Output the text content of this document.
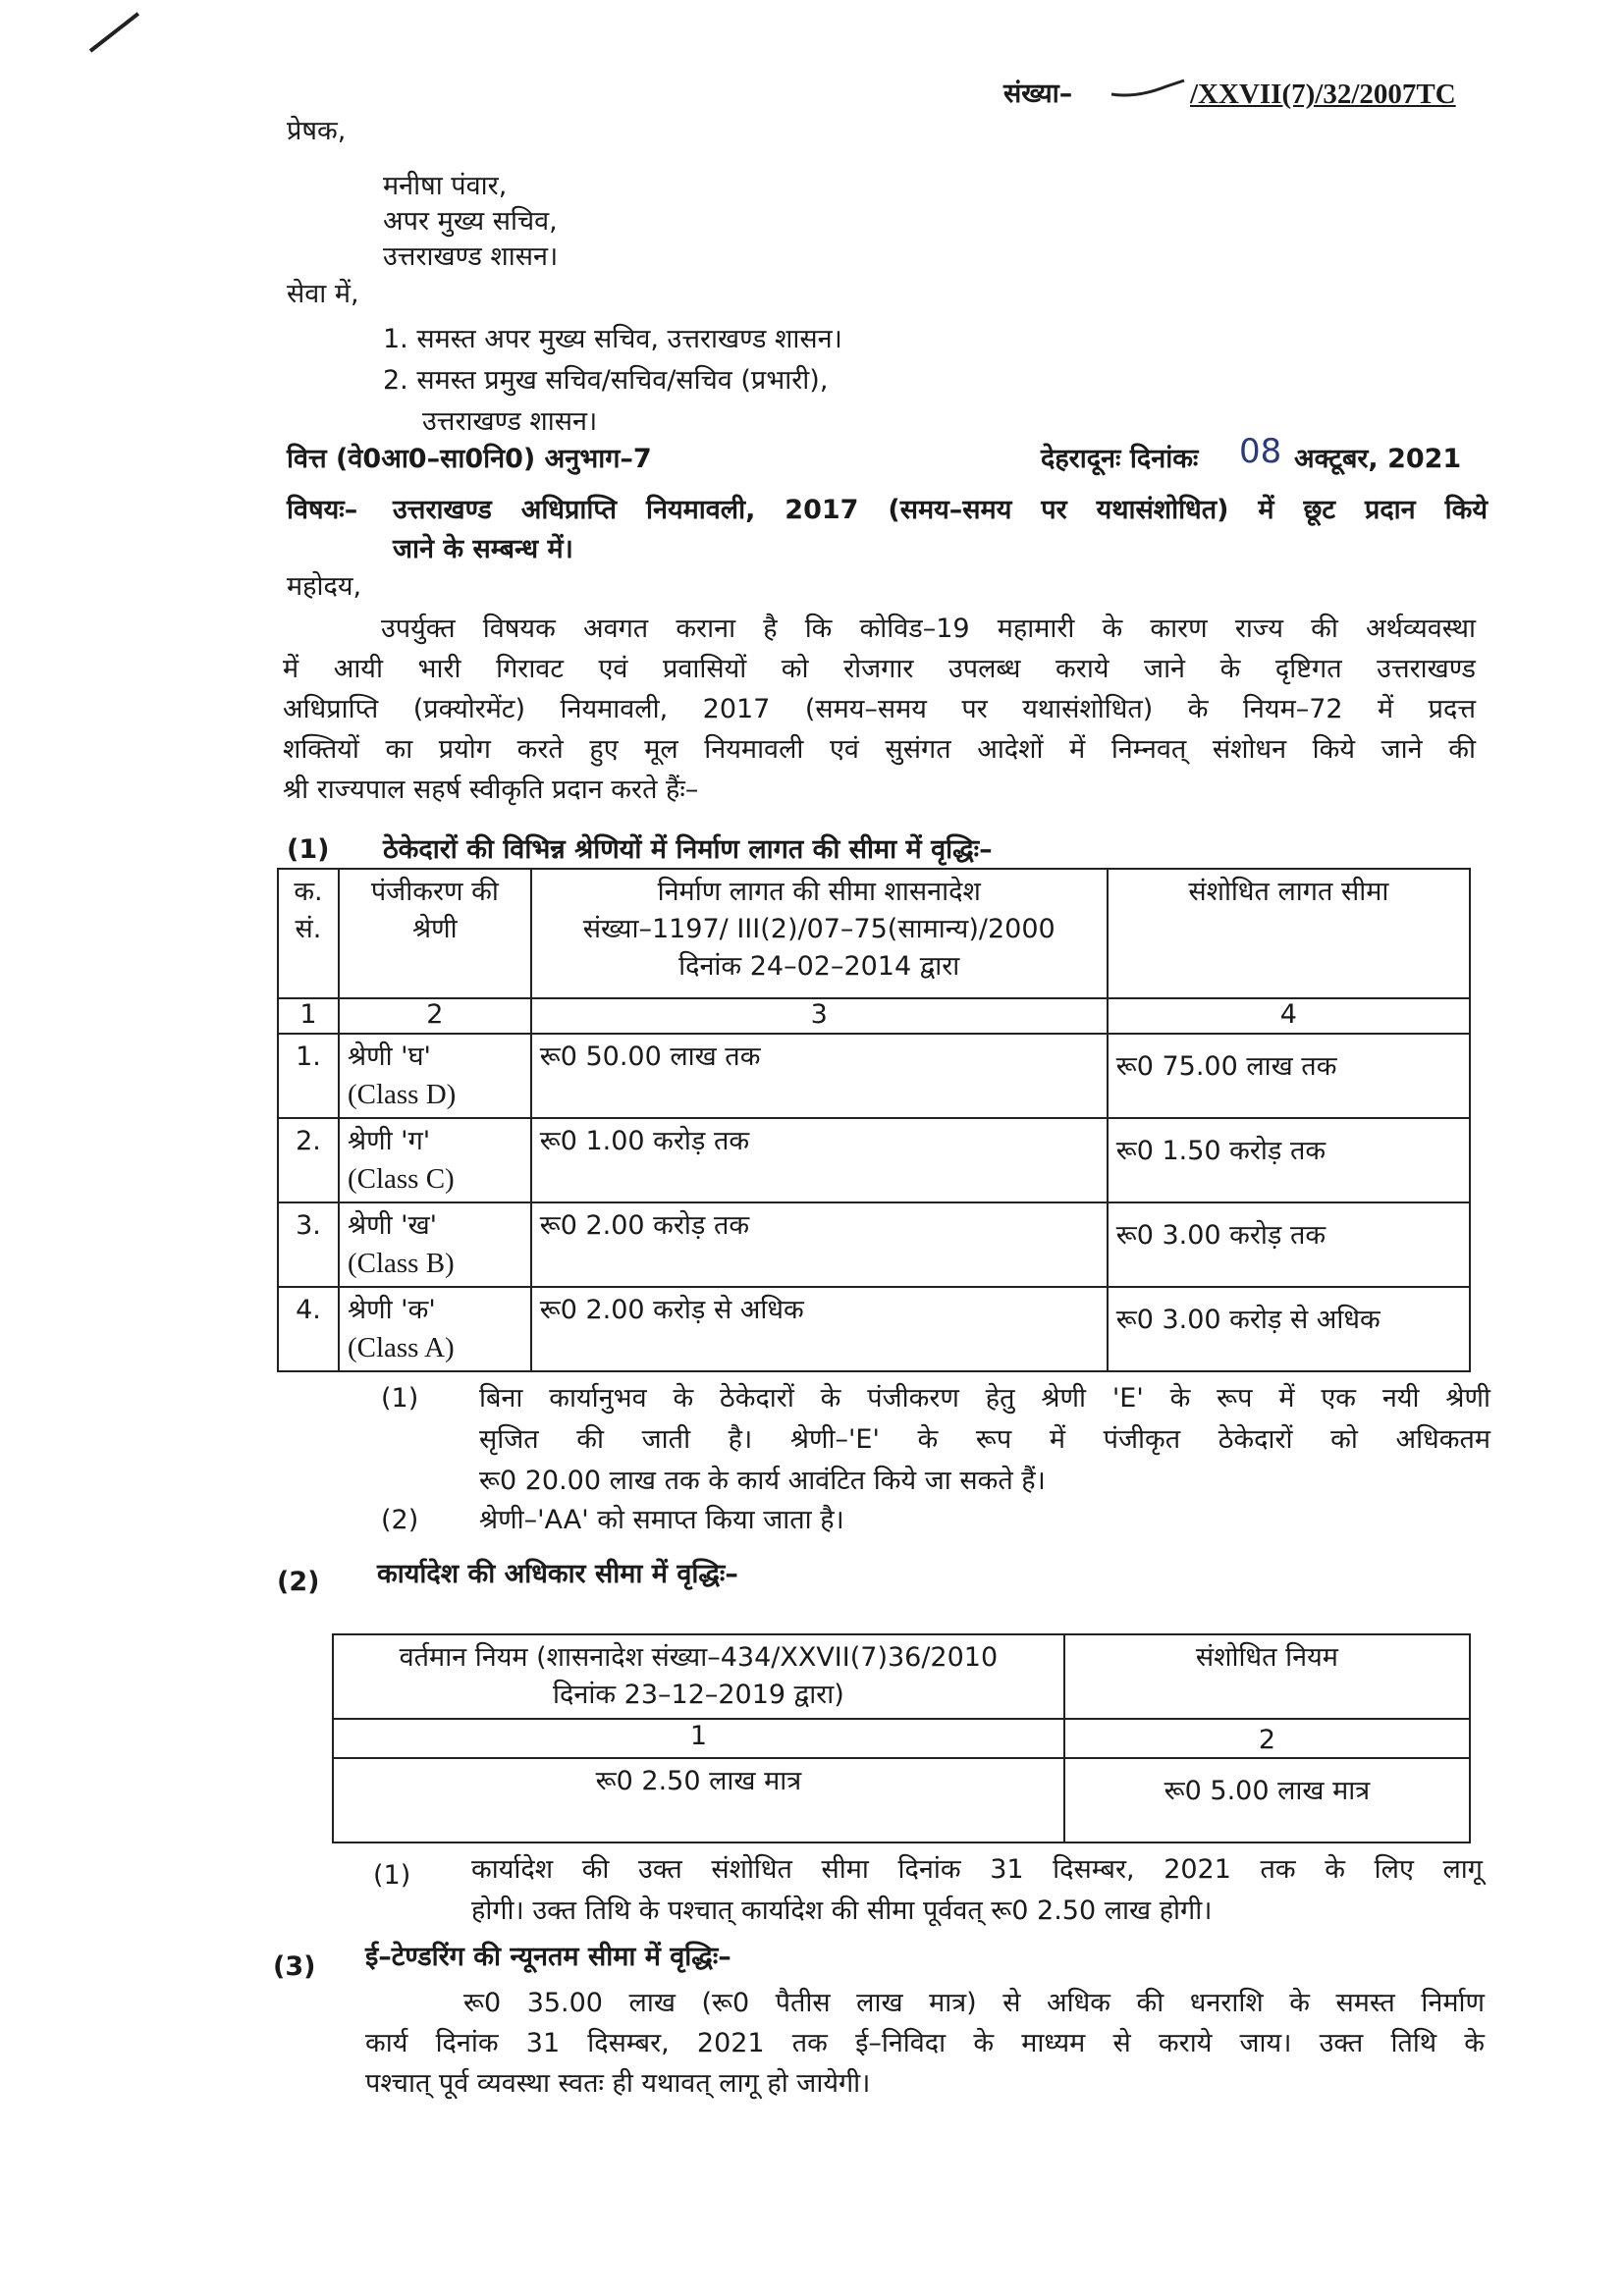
संख्या–	/XXVII(7)/32/2007TC
प्रेषक,
मनीषा पंवार,
अपर मुख्य सचिव,
उत्तराखण्ड शासन।
सेवा में,
1. समस्त अपर मुख्य सचिव, उत्तराखण्ड शासन।
2. समस्त प्रमुख सचिव/सचिव/सचिव (प्रभारी),
उत्तराखण्ड शासन।
वित्त (वे0आ0–सा0नि0) अनुभाग–7	देहरादूनः दिनांकः 08 अक्टूबर, 2021
विषयः– उत्तराखण्ड अधिप्राप्ति नियमावली, 2017 (समय–समय पर यथासंशोधित) में छूट प्रदान किये
जाने के सम्बन्ध में।
महोदय,
उपर्युक्त विषयक अवगत कराना है कि कोविड–19 महामारी के कारण राज्य की अर्थव्यवस्था
में आयी भारी गिरावट एवं प्रवासियों को रोजगार उपलब्ध कराये जाने के दृष्टिगत उत्तराखण्ड
अधिप्राप्ति (प्रक्योरमेंट) नियमावली, 2017 (समय–समय पर यथासंशोधित) के नियम–72 में प्रदत्त
शक्तियों का प्रयोग करते हुए मूल नियमावली एवं सुसंगत आदेशों में निम्नवत् संशोधन किये जाने की
श्री राज्यपाल सहर्ष स्वीकृति प्रदान करते हैंः–
(1) ठेकेदारों की विभिन्न श्रेणियों में निर्माण लागत की सीमा में वृद्धिः–
क. सं.	पंजीकरण की श्रेणी	निर्माण लागत की सीमा शासनादेश
संख्या–1197/ III(2)/07–75(सामान्य)/2000
दिनांक 24–02–2014 द्वारा	संशोधित लागत सीमा
1	2	3	4
1.	श्रेणी 'घ'
(Class D)	रू0 50.00 लाख तक	रू0 75.00 लाख तक
2.	श्रेणी 'ग'
(Class C)	रू0 1.00 करोड़ तक	रू0 1.50 करोड़ तक
3.	श्रेणी 'ख'
(Class B)	रू0 2.00 करोड़ तक	रू0 3.00 करोड़ तक
4.	श्रेणी 'क'
(Class A)	रू0 2.00 करोड़ से अधिक	रू0 3.00 करोड़ से अधिक
(1) बिना कार्यानुभव के ठेकेदारों के पंजीकरण हेतु श्रेणी 'E' के रूप में एक नयी श्रेणी
सृजित की जाती है। श्रेणी–'E' के रूप में पंजीकृत ठेकेदारों को अधिकतम
रू0 20.00 लाख तक के कार्य आवंटित किये जा सकते हैं।
(2) श्रेणी–'AA' को समाप्त किया जाता है।
(2) कार्यादेश की अधिकार सीमा में वृद्धिः–
वर्तमान नियम (शासनादेश संख्या–434/XXVII(7)36/2010
दिनांक 23–12–2019 द्वारा)	संशोधित नियम
1	2
रू0 2.50 लाख मात्र	रू0 5.00 लाख मात्र
(1) कार्यादेश की उक्त संशोधित सीमा दिनांक 31 दिसम्बर, 2021 तक के लिए लागू
होगी। उक्त तिथि के पश्चात् कार्यादेश की सीमा पूर्ववत् रू0 2.50 लाख होगी।
(3) ई–टेण्डरिंग की न्यूनतम सीमा में वृद्धिः–
रू0 35.00 लाख (रू0 पैतीस लाख मात्र) से अधिक की धनराशि के समस्त निर्माण
कार्य दिनांक 31 दिसम्बर, 2021 तक ई–निविदा के माध्यम से कराये जाय। उक्त तिथि के
पश्चात् पूर्व व्यवस्था स्वतः ही यथावत् लागू हो जायेगी।
